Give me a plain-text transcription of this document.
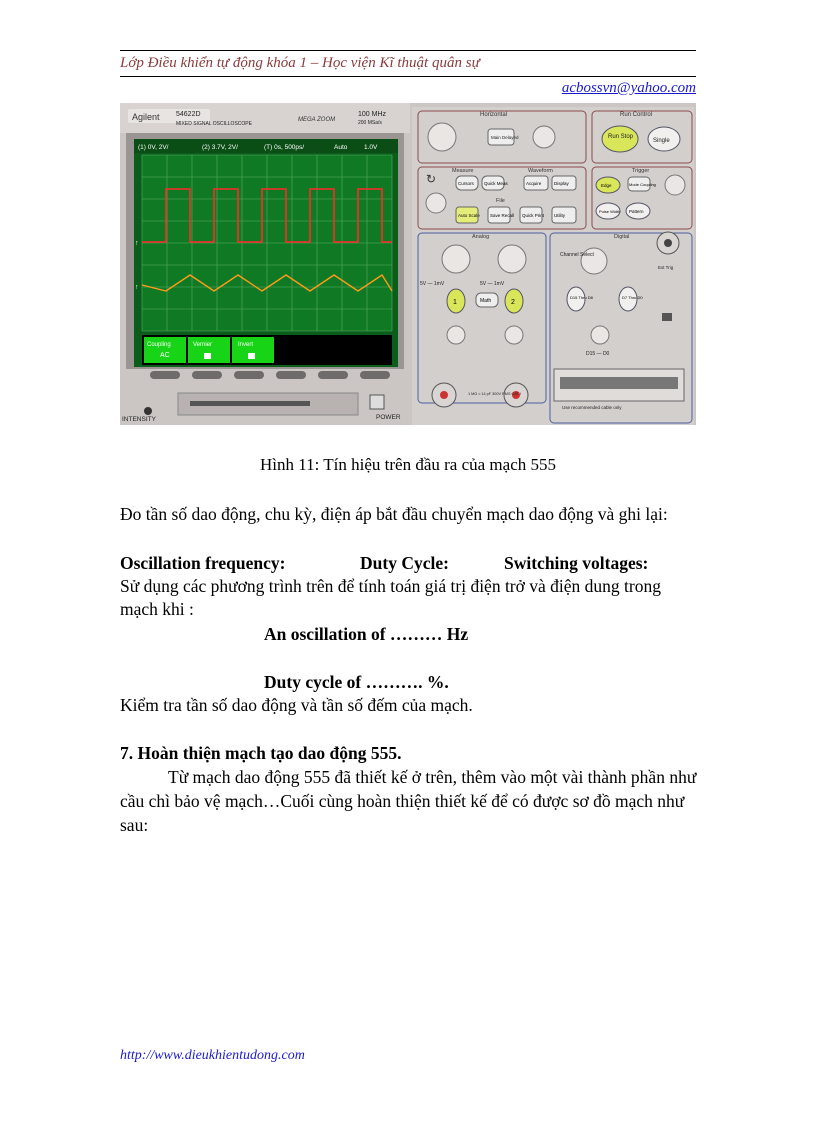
Lớp Điều khiển tự động khóa 1 – Học viện Kĩ thuật quân sự
acbossvn@yahoo.com
Agilent 54622D
MIXED SIGNAL OSCILLOSCOPE
MEGA ZOOM
100 MHz
200 MSa/s
(1) 0V, 2V/	(2) 3.7V, 2V/	(T) 0s, 500ps/	Auto	1.0V
↑
↑
Coupling
AC
Vernier	Invert
INTENSITY	POWER
Horizontal
Main Delayed
Run Control
Run Stop
Single
Measure	Waveform
File
↻	Cursors Quick Meas	Acquire	Display
Auto Scale Save Recall Quick Print Utility
Trigger
Edge	Mode Coupling
Pulse Width Pattern
Analog
5V — 1mV	5V — 1mV
1	Math	2
1 MΩ ≈ 14 pF 300V RMS CAT I
Digital
Channel Select
D15 Thru D8	D7 Thru D0
D15 — D0
Use recommended cable only
Ext Trig
Hình 11: Tín hiệu trên đầu ra của mạch 555
Đo tần số dao động, chu kỳ, điện áp bắt đầu chuyển mạch dao động và ghi lại:
Oscillation frequency:	Duty Cycle:	Switching voltages:
Sử dụng các phương trình trên để tính toán giá trị điện trở và điện dung trong mạch khi :
An oscillation of ……… Hz
Duty cycle of ………. %.
Kiểm tra tần số dao động và tần số đếm của mạch.
7. Hoàn thiện mạch tạo dao động 555.
Từ mạch dao động 555 đã thiết kế ở trên, thêm vào một vài thành phần như cầu chì bảo vệ mạch…Cuối cùng hoàn thiện thiết kế để có được sơ đồ mạch như sau:
http://www.dieukhientudong.com
